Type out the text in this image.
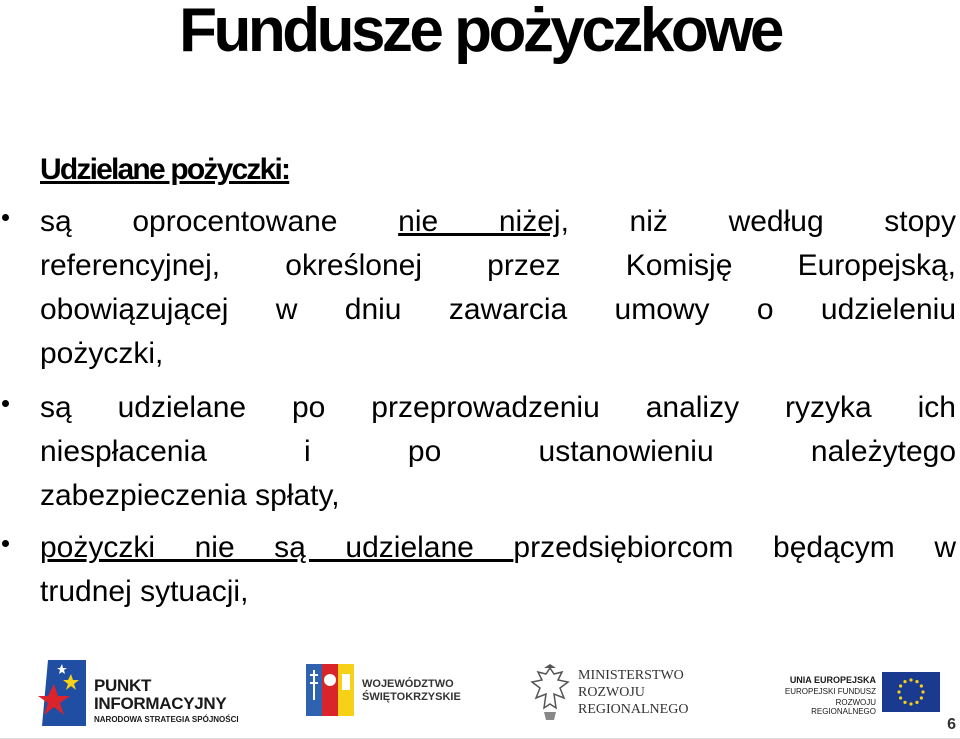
Fundusze pożyczkowe
Udzielane pożyczki:
są oprocentowane nie niżej, niż według stopy
referencyjnej, określonej przez Komisję Europejską,
obowiązującej w dniu zawarcia umowy o udzieleniu
pożyczki,
są udzielane po przeprowadzeniu analizy ryzyka ich
niespłacenia i po ustanowieniu należytego
zabezpieczenia spłaty,
pożyczki nie są udzielane przedsiębiorcom będącym w
trudnej sytuacji,
PUNKT
INFORMACYJNY
NARODOWA STRATEGIA SPÓJNOŚCI
WOJEWÓDZTWO
ŚWIĘTOKRZYSKIE
MINISTERSTWO
ROZWOJU
REGIONALNEGO
UNIA EUROPEJSKA
EUROPEJSKI FUNDUSZ
ROZWOJU REGIONALNEGO
6
